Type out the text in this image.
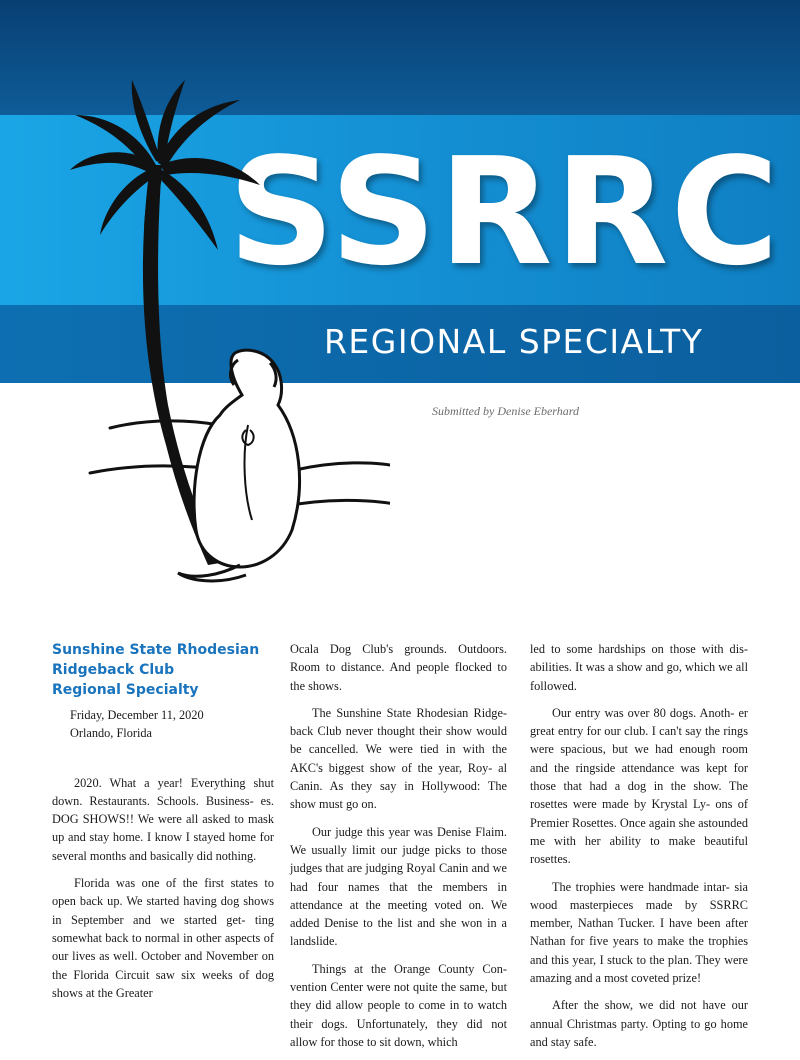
SSRRC
REGIONAL SPECIALTY
Submitted by Denise Eberhard
Sunshine State Rhodesian
Ridgeback Club
Regional Specialty
Friday, December 11, 2020
Orlando, Florida

2020. What a year! Everything shut down. Restaurants. Schools. Business- es. DOG SHOWS!! We were all asked to mask up and stay home. I know I stayed home for several months and basically did nothing.

Florida was one of the first states to open back up. We started having dog shows in September and we started get- ting somewhat back to normal in other aspects of our lives as well. October and November on the Florida Circuit saw six weeks of dog shows at the Greater

Ocala Dog Club's grounds. Outdoors. Room to distance. And people flocked to the shows.

The Sunshine State Rhodesian Ridge- back Club never thought their show would be cancelled. We were tied in with the AKC's biggest show of the year, Roy- al Canin. As they say in Hollywood: The show must go on.

Our judge this year was Denise Flaim. We usually limit our judge picks to those judges that are judging Royal Canin and we had four names that the members in attendance at the meeting voted on. We added Denise to the list and she won in a landslide.

Things at the Orange County Con- vention Center were not quite the same, but they did allow people to come in to watch their dogs. Unfortunately, they did not allow for those to sit down, which

led to some hardships on those with dis- abilities. It was a show and go, which we all followed.

Our entry was over 80 dogs. Anoth- er great entry for our club. I can't say the rings were spacious, but we had enough room and the ringside attendance was kept for those that had a dog in the show. The rosettes were made by Krystal Ly- ons of Premier Rosettes. Once again she astounded me with her ability to make beautiful rosettes.

The trophies were handmade intar- sia wood masterpieces made by SSRRC member, Nathan Tucker. I have been after Nathan for five years to make the trophies and this year, I stuck to the plan. They were amazing and a most coveted prize!

After the show, we did not have our annual Christmas party. Opting to go home and stay safe.
